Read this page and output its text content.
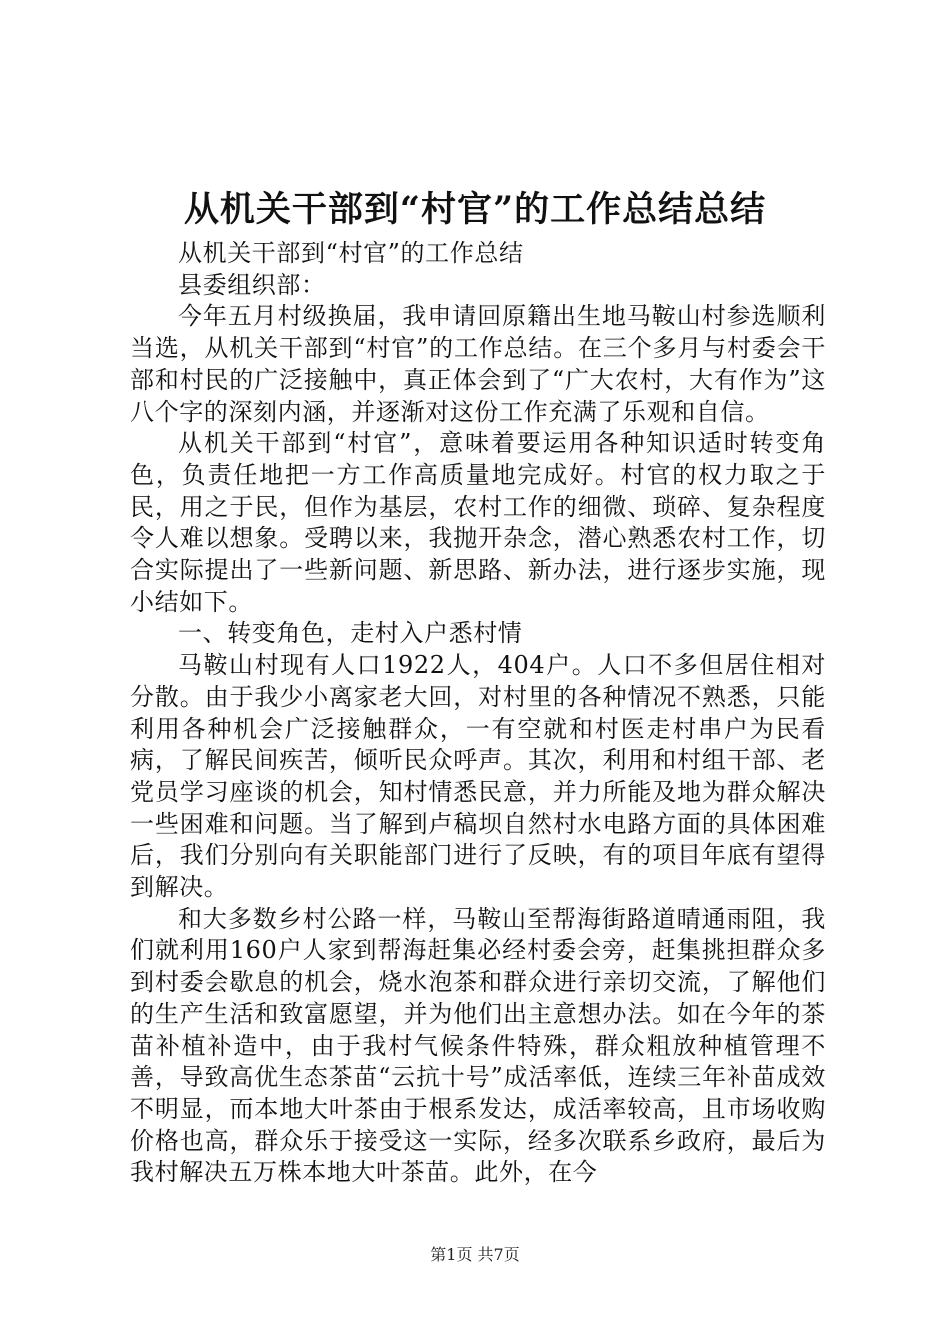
从机关干部到“村官”的工作总结总结

从机关干部到“村官”的工作总结

县委组织部：

今年五月村级换届，我申请回原籍出生地马鞍山村参选顺利当选，从机关干部到“村官”的工作总结。在三个多月与村委会干部和村民的广泛接触中，真正体会到了“广大农村，大有作为”这八个字的深刻内涵，并逐渐对这份工作充满了乐观和自信。

从机关干部到“村官”，意味着要运用各种知识适时转变角色，负责任地把一方工作高质量地完成好。村官的权力取之于民，用之于民，但作为基层，农村工作的细微、琐碎、复杂程度令人难以想象。受聘以来，我抛开杂念，潜心熟悉农村工作，切合实际提出了一些新问题、新思路、新办法，进行逐步实施，现小结如下。

一、转变角色，走村入户悉村情

马鞍山村现有人口1922人，404户。人口不多但居住相对分散。由于我少小离家老大回，对村里的各种情况不熟悉，只能利用各种机会广泛接触群众，一有空就和村医走村串户为民看病，了解民间疾苦，倾听民众呼声。其次，利用和村组干部、老党员学习座谈的机会，知村情悉民意，并力所能及地为群众解决一些困难和问题。当了解到卢稿坝自然村水电路方面的具体困难后，我们分别向有关职能部门进行了反映，有的项目年底有望得到解决。

和大多数乡村公路一样，马鞍山至帮海街路道晴通雨阻，我们就利用160户人家到帮海赶集必经村委会旁，赶集挑担群众多到村委会歇息的机会，烧水泡茶和群众进行亲切交流，了解他们的生产生活和致富愿望，并为他们出主意想办法。如在今年的茶苗补植补造中，由于我村气候条件特殊，群众粗放种植管理不善，导致高优生态茶苗“云抗十号”成活率低，连续三年补苗成效不明显，而本地大叶茶由于根系发达，成活率较高，且市场收购价格也高，群众乐于接受这一实际，经多次联系乡政府，最后为我村解决五万株本地大叶茶苗。此外，在今

第1页 共7页
